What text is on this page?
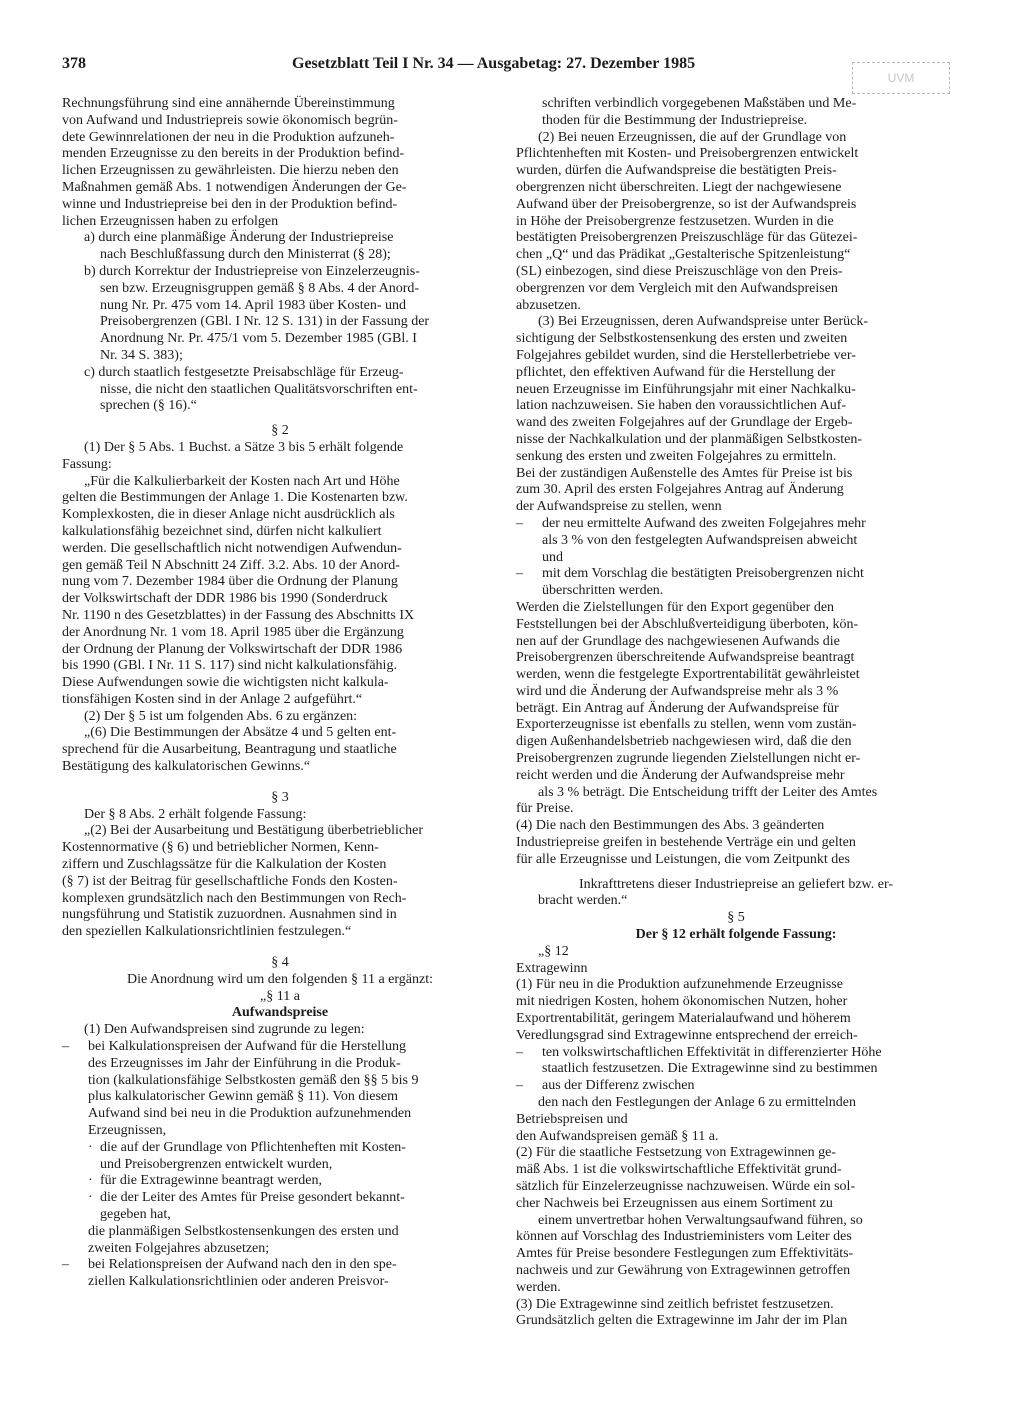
378	Gesetzblatt Teil I Nr. 34 — Ausgabetag: 27. Dezember 1985
UVM
Rechnungsführung sind eine annähernde Übereinstimmung
von Aufwand und Industriepreis sowie ökonomisch begrün-
dete Gewinnrelationen der neu in die Produktion aufzuneh-
menden Erzeugnisse zu den bereits in der Produktion befind-
lichen Erzeugnissen zu gewährleisten. Die hierzu neben den
Maßnahmen gemäß Abs. 1 notwendigen Änderungen der Ge-
winne und Industriepreise bei den in der Produktion befind-
lichen Erzeugnissen haben zu erfolgen
a) durch eine planmäßige Änderung der Industriepreise
nach Beschlußfassung durch den Ministerrat (§ 28);
b) durch Korrektur der Industriepreise von Einzelerzeugnis-
sen bzw. Erzeugnisgruppen gemäß § 8 Abs. 4 der Anord-
nung Nr. Pr. 475 vom 14. April 1983 über Kosten- und
Preisobergrenzen (GBl. I Nr. 12 S. 131) in der Fassung der
Anordnung Nr. Pr. 475/1 vom 5. Dezember 1985 (GBl. I
Nr. 34 S. 383);
c) durch staatlich festgesetzte Preisabschläge für Erzeug-
nisse, die nicht den staatlichen Qualitätsvorschriften ent-
sprechen (§ 16).“
§ 2
(1) Der § 5 Abs. 1 Buchst. a Sätze 3 bis 5 erhält folgende
Fassung:
„Für die Kalkulierbarkeit der Kosten nach Art und Höhe
gelten die Bestimmungen der Anlage 1. Die Kostenarten bzw.
Komplexkosten, die in dieser Anlage nicht ausdrücklich als
kalkulationsfähig bezeichnet sind, dürfen nicht kalkuliert
werden. Die gesellschaftlich nicht notwendigen Aufwendun-
gen gemäß Teil N Abschnitt 24 Ziff. 3.2. Abs. 10 der Anord-
nung vom 7. Dezember 1984 über die Ordnung der Planung
der Volkswirtschaft der DDR 1986 bis 1990 (Sonderdruck
Nr. 1190 n des Gesetzblattes) in der Fassung des Abschnitts IX
der Anordnung Nr. 1 vom 18. April 1985 über die Ergänzung
der Ordnung der Planung der Volkswirtschaft der DDR 1986
bis 1990 (GBl. I Nr. 11 S. 117) sind nicht kalkulationsfähig.
Diese Aufwendungen sowie die wichtigsten nicht kalkula-
tionsfähigen Kosten sind in der Anlage 2 aufgeführt.“
(2) Der § 5 ist um folgenden Abs. 6 zu ergänzen:
„(6) Die Bestimmungen der Absätze 4 und 5 gelten ent-
sprechend für die Ausarbeitung, Beantragung und staatliche
Bestätigung des kalkulatorischen Gewinns.“
§ 3
Der § 8 Abs. 2 erhält folgende Fassung:
„(2) Bei der Ausarbeitung und Bestätigung überbetrieblicher
Kostennormative (§ 6) und betrieblicher Normen, Kenn-
ziffern und Zuschlagssätze für die Kalkulation der Kosten
(§ 7) ist der Beitrag für gesellschaftliche Fonds den Kosten-
komplexen grundsätzlich nach den Bestimmungen von Rech-
nungsführung und Statistik zuzuordnen. Ausnahmen sind in
den speziellen Kalkulationsrichtlinien festzulegen.“
§ 4
Die Anordnung wird um den folgenden § 11 a ergänzt:
„§ 11 a
Aufwandspreise
(1) Den Aufwandspreisen sind zugrunde zu legen:
– bei Kalkulationspreisen der Aufwand für die Herstellung
des Erzeugnisses im Jahr der Einführung in die Produk-
tion (kalkulationsfähige Selbstkosten gemäß den §§ 5 bis 9
plus kalkulatorischer Gewinn gemäß § 11). Von diesem
Aufwand sind bei neu in die Produktion aufzunehmenden
Erzeugnissen,
· die auf der Grundlage von Pflichtenheften mit Kosten-
und Preisobergrenzen entwickelt wurden,
· für die Extragewinne beantragt werden,
· die der Leiter des Amtes für Preise gesondert bekannt-
gegeben hat,
die planmäßigen Selbstkostensenkungen des ersten und
zweiten Folgejahres abzusetzen;
– bei Relationspreisen der Aufwand nach den in den spe-
ziellen Kalkulationsrichtlinien oder anderen Preisvor-
schriften verbindlich vorgegebenen Maßstäben und Me-
thoden für die Bestimmung der Industriepreise.
(2) Bei neuen Erzeugnissen, die auf der Grundlage von
Pflichtenheften mit Kosten- und Preisobergrenzen entwickelt
wurden, dürfen die Aufwandspreise die bestätigten Preis-
obergrenzen nicht überschreiten. Liegt der nachgewiesene
Aufwand über der Preisobergrenze, so ist der Aufwandspreis
in Höhe der Preisobergrenze festzusetzen. Wurden in die
bestätigten Preisobergrenzen Preiszuschläge für das Gütezei-
chen „Q“ und das Prädikat „Gestalterische Spitzenleistung“
(SL) einbezogen, sind diese Preiszuschläge von den Preis-
obergrenzen vor dem Vergleich mit den Aufwandspreisen
abzusetzen.
(3) Bei Erzeugnissen, deren Aufwandspreise unter Berück-
sichtigung der Selbstkostensenkung des ersten und zweiten
Folgejahres gebildet wurden, sind die Herstellerbetriebe ver-
pflichtet, den effektiven Aufwand für die Herstellung der
neuen Erzeugnisse im Einführungsjahr mit einer Nachkalku-
lation nachzuweisen. Sie haben den voraussichtlichen Auf-
wand des zweiten Folgejahres auf der Grundlage der Ergeb-
nisse der Nachkalkulation und der planmäßigen Selbstkosten-
senkung des ersten und zweiten Folgejahres zu ermitteln.
Bei der zuständigen Außenstelle des Amtes für Preise ist bis
zum 30. April des ersten Folgejahres Antrag auf Änderung
der Aufwandspreise zu stellen, wenn
– der neu ermittelte Aufwand des zweiten Folgejahres mehr
als 3 % von den festgelegten Aufwandspreisen abweicht
und
– mit dem Vorschlag die bestätigten Preisobergrenzen nicht
überschritten werden.
Werden die Zielstellungen für den Export gegenüber den
Feststellungen bei der Abschlußverteidigung überboten, kön-
nen auf der Grundlage des nachgewiesenen Aufwands die
Preisobergrenzen überschreitende Aufwandspreise beantragt
werden, wenn die festgelegte Exportrentabilität gewährleistet
wird und die Änderung der Aufwandspreise mehr als 3 %
beträgt. Ein Antrag auf Änderung der Aufwandspreise für
Exporterzeugnisse ist ebenfalls zu stellen, wenn vom zustän-
digen Außenhandelsbetrieb nachgewiesen wird, daß die den
Preisobergrenzen zugrunde liegenden Zielstellungen nicht er-
reicht werden und die Änderung der Aufwandspreise mehr
als 3 % beträgt. Die Entscheidung trifft der Leiter des Amtes
für Preise.
(4) Die nach den Bestimmungen des Abs. 3 geänderten
Industriepreise greifen in bestehende Verträge ein und gelten
für alle Erzeugnisse und Leistungen, die vom Zeitpunkt des
Inkrafttretens dieser Industriepreise an geliefert bzw. er-
bracht werden.“
§ 5
Der § 12 erhält folgende Fassung:
„§ 12
Extragewinn
(1) Für neu in die Produktion aufzunehmende Erzeugnisse
mit niedrigen Kosten, hohem ökonomischen Nutzen, hoher
Exportrentabilität, geringem Materialaufwand und höherem
Veredlungsgrad sind Extragewinne entsprechend der erreich-
– ten volkswirtschaftlichen Effektivität in differenzierter Höhe
staatlich festzusetzen. Die Extragewinne sind zu bestimmen
– aus der Differenz zwischen
den nach den Festlegungen der Anlage 6 zu ermittelnden
Betriebspreisen und
den Aufwandspreisen gemäß § 11 a.
(2) Für die staatliche Festsetzung von Extragewinnen ge-
mäß Abs. 1 ist die volkswirtschaftliche Effektivität grund-
sätzlich für Einzelerzeugnisse nachzuweisen. Würde ein sol-
cher Nachweis bei Erzeugnissen aus einem Sortiment zu
einem unvertretbar hohen Verwaltungsaufwand führen, so
können auf Vorschlag des Industrieministers vom Leiter des
Amtes für Preise besondere Festlegungen zum Effektivitäts-
nachweis und zur Gewährung von Extragewinnen getroffen
werden.
(3) Die Extragewinne sind zeitlich befristet festzusetzen.
Grundsätzlich gelten die Extragewinne im Jahr der im Plan
